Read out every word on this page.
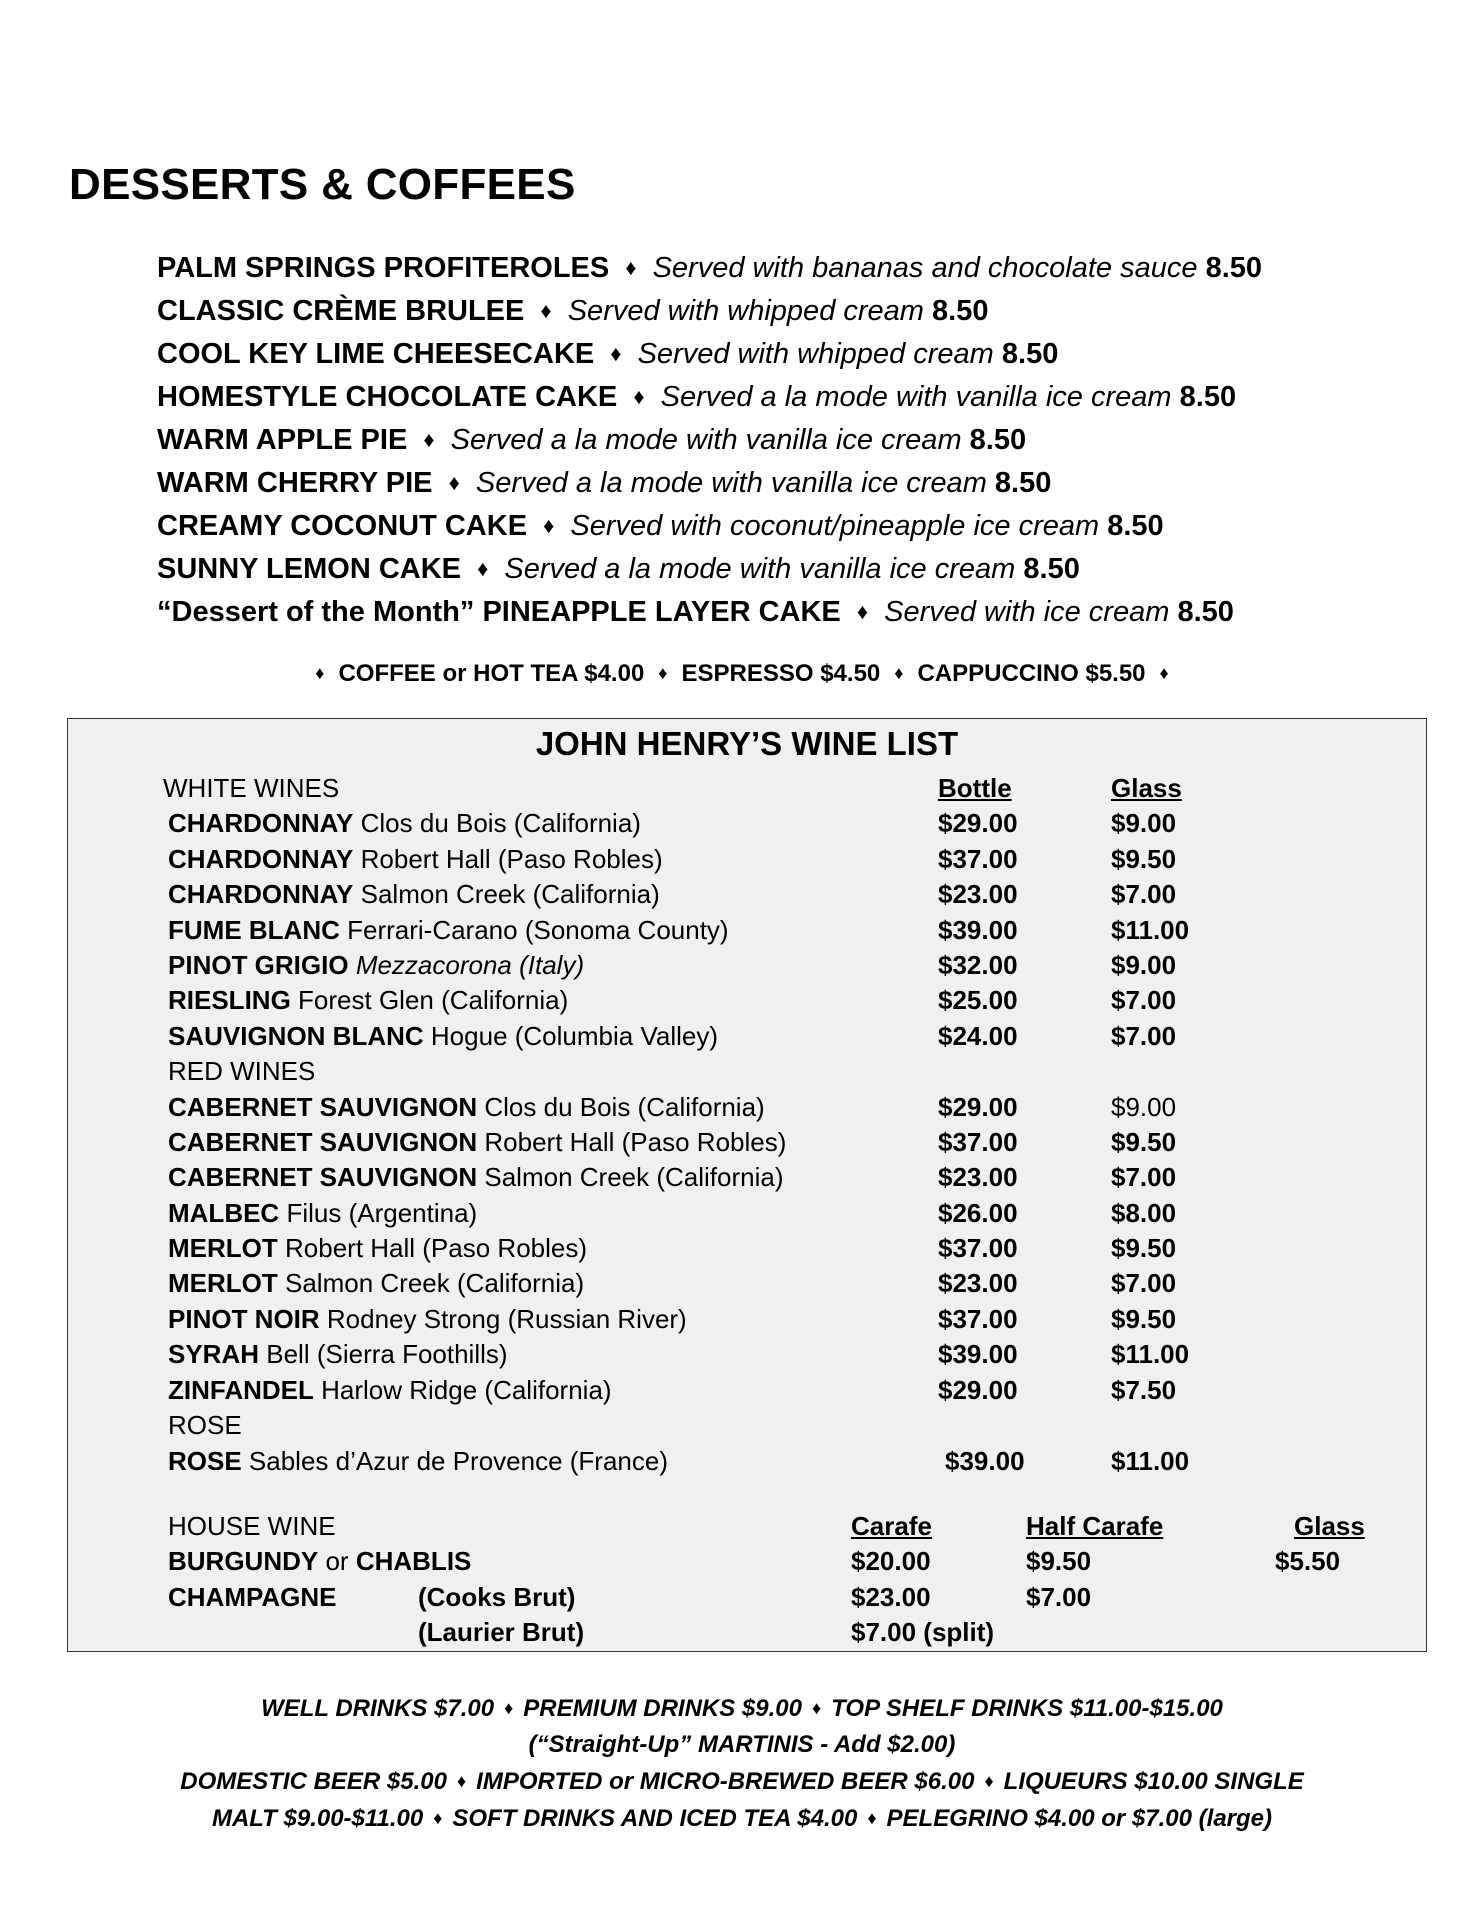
DESSERTS & COFFEES
PALM SPRINGS PROFITEROLES ♦ Served with bananas and chocolate sauce 8.50
CLASSIC CRÈME BRULEE ♦ Served with whipped cream 8.50
COOL KEY LIME CHEESECAKE ♦ Served with whipped cream 8.50
HOMESTYLE CHOCOLATE CAKE ♦ Served a la mode with vanilla ice cream 8.50
WARM APPLE PIE ♦ Served a la mode with vanilla ice cream 8.50
WARM CHERRY PIE ♦ Served a la mode with vanilla ice cream 8.50
CREAMY COCONUT CAKE ♦ Served with coconut/pineapple ice cream 8.50
SUNNY LEMON CAKE ♦ Served a la mode with vanilla ice cream 8.50
“Dessert of the Month” PINEAPPLE LAYER CAKE ♦ Served with ice cream 8.50
♦ COFFEE or HOT TEA $4.00 ♦ ESPRESSO $4.50 ♦ CAPPUCCINO $5.50 ♦
JOHN HENRY’S WINE LIST
WHITE WINES	Bottle	Glass
CHARDONNAY Clos du Bois (California)	$29.00	$9.00
CHARDONNAY Robert Hall (Paso Robles)	$37.00	$9.50
CHARDONNAY Salmon Creek (California)	$23.00	$7.00
FUME BLANC Ferrari-Carano (Sonoma County)	$39.00	$11.00
PINOT GRIGIO Mezzacorona (Italy)	$32.00	$9.00
RIESLING Forest Glen (California)	$25.00	$7.00
SAUVIGNON BLANC Hogue (Columbia Valley)	$24.00	$7.00
RED WINES
CABERNET SAUVIGNON Clos du Bois (California)	$29.00	$9.00
CABERNET SAUVIGNON Robert Hall (Paso Robles)	$37.00	$9.50
CABERNET SAUVIGNON Salmon Creek (California)	$23.00	$7.00
MALBEC Filus (Argentina)	$26.00	$8.00
MERLOT Robert Hall (Paso Robles)	$37.00	$9.50
MERLOT Salmon Creek (California)	$23.00	$7.00
PINOT NOIR Rodney Strong (Russian River)	$37.00	$9.50
SYRAH Bell (Sierra Foothills)	$39.00	$11.00
ZINFANDEL Harlow Ridge (California)	$29.00	$7.50
ROSE
ROSE Sables d’Azur de Provence (France)	$39.00	$11.00
HOUSE WINE	Carafe	Half Carafe	Glass
BURGUNDY or CHABLIS	$20.00	$9.50	$5.50
CHAMPAGNE	(Cooks Brut)	$23.00	$7.00
(Laurier Brut)	$7.00 (split)
WELL DRINKS $7.00 ♦ PREMIUM DRINKS $9.00 ♦ TOP SHELF DRINKS $11.00-$15.00
(“Straight-Up” MARTINIS - Add $2.00)
DOMESTIC BEER $5.00 ♦ IMPORTED or MICRO-BREWED BEER $6.00 ♦ LIQUEURS $10.00 SINGLE
MALT $9.00-$11.00 ♦ SOFT DRINKS AND ICED TEA $4.00 ♦ PELEGRINO $4.00 or $7.00 (large)
